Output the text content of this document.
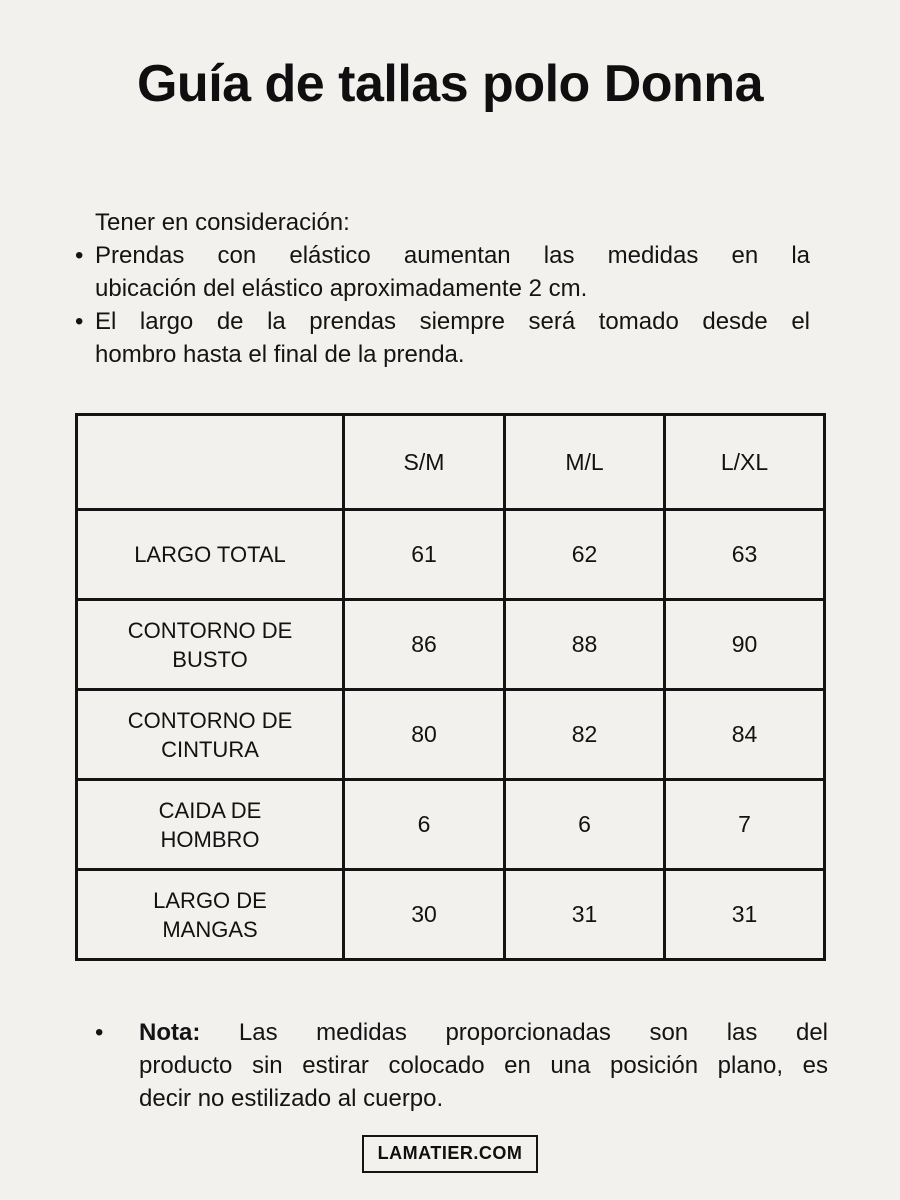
Guía de tallas polo Donna
Tener en consideración:
• Prendas con elástico aumentan las medidas en la
ubicación del elástico aproximadamente 2 cm.
• El largo de la prendas siempre será tomado desde el
hombro hasta el final de la prenda.
	S/M	M/L	L/XL
LARGO TOTAL	61	62	63
CONTORNO DE BUSTO	86	88	90
CONTORNO DE CINTURA	80	82	84
CAIDA DE HOMBRO	6	6	7
LARGO DE MANGAS	30	31	31
•	Nota: Las medidas proporcionadas son las del
producto sin estirar colocado en una posición plano, es
decir no estilizado al cuerpo.
LAMATIER.COM
